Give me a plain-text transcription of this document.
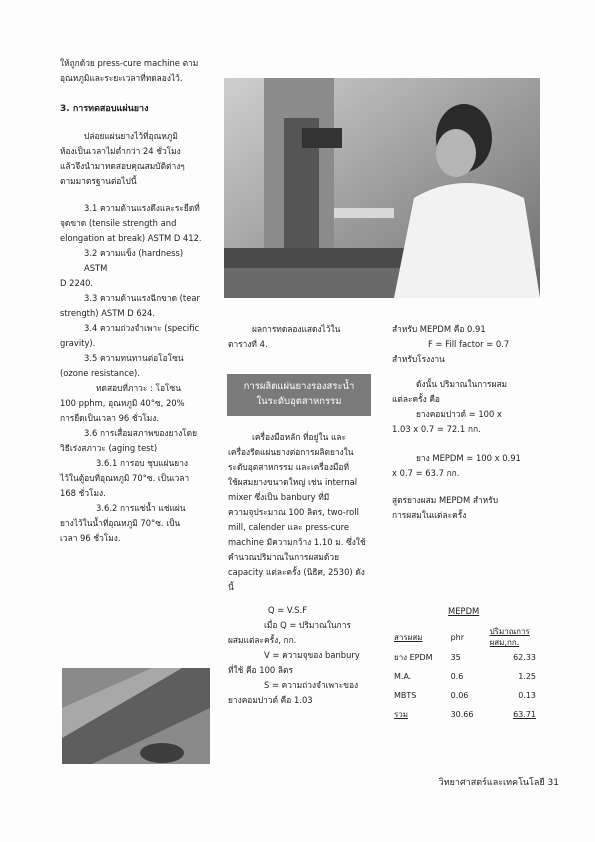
ให้ถูกด้วย press-cure machine ตาม

อุณหภูมิและระยะเวลาที่ทดลองไว้.

3. การทดสอบแผ่นยาง

ปล่อยแผ่นยางไว้ที่อุณหภูมิ

ห้องเป็นเวลาไม่ต่ำกว่า 24 ชั่วโมง

แล้วจึงนำมาทดสอบคุณสมบัติต่างๆ

ตามมาตรฐานต่อไปนี้

3.1 ความต้านแรงดึงและระยืดที่

จุดขาด (tensile strength and

elongation at break) ASTM D 412.

3.2 ความแข็ง (hardness) ASTM

D 2240.

3.3 ความต้านแรงฉีกขาด (tear

strength) ASTM D 624.

3.4 ความถ่วงจำเพาะ (specific

gravity).

3.5 ความทนทานต่อโอโซน

(ozone resistance).

ทดสอบที่ภาวะ : โอโซน

100 pphm, อุณหภูมิ 40°ซ, 20%

การยืดเป็นเวลา 96 ชั่วโมง.

3.6 การเสื่อมสภาพของยางโดย

วิธีเร่งสภาวะ (aging test)

3.6.1 การอบ ชุบแผ่นยาง

ไว้ในตู้อบที่อุณหภูมิ 70°ซ. เป็นเวลา

168 ชั่วโมง.

3.6.2 การแช่น้ำ แช่แผ่น

ยางไว้ในน้ำที่อุณหภูมิ 70°ซ. เป็น

เวลา 96 ชั่วโมง.

ผลการทดลองแสดงไว้ใน

ตารางที่ 4.

การผลิตแผ่นยางรองสระน้ำ
ในระดับอุตสาหกรรม

เครื่องมือหลัก ที่อยู่ใน และ

เครื่องรีดแผ่นยางต่อการผลิตยางใน

ระดับอุตสาหกรรม และเครื่องมือที่

ใช้ผสมยางขนาดใหญ่ เช่น internal

mixer ซึ่งเป็น banbury ที่มี

ความจุประมาณ 100 ลิตร, two-roll

mill, calender และ press-cure

machine มีความกว้าง 1.10 ม. ซึ่งใช้

คำนวณปริมาณในการผสมด้วย

capacity แต่ละครั้ง (นิธิศ, 2530) ดัง

นี้

Q = V.S.F

เมื่อ Q = ปริมาณในการ

ผสมแต่ละครั้ง, กก.

V = ความจุของ banbury

ที่ใช้ คือ 100 ลิตร

S = ความถ่วงจำเพาะของ

ยางคอมปาวด์ คือ 1.03

สำหรับ MEPDM คือ 0.91

F = Fill factor = 0.7

สำหรับโรงงาน

ดังนั้น ปริมาณในการผสม

แต่ละครั้ง คือ

ยางคอมปาวด์ = 100 x

1.03 x 0.7 = 72.1 กก.

ยาง MEPDM = 100 x 0.91

x 0.7 = 63.7 กก.

สูตรยางผสม MEPDM สำหรับ

การผสมในแต่ละครั้ง

MEPDM
สารผสม	phr	ปริมาณการ
ผสม,กก.
ยาง EPDM	35	62.33
M.A.	0.6	1.25
MBTS	0.06	0.13
รวม	30.66	63.71
วิทยาศาสตร์และเทคโนโลยี 31
